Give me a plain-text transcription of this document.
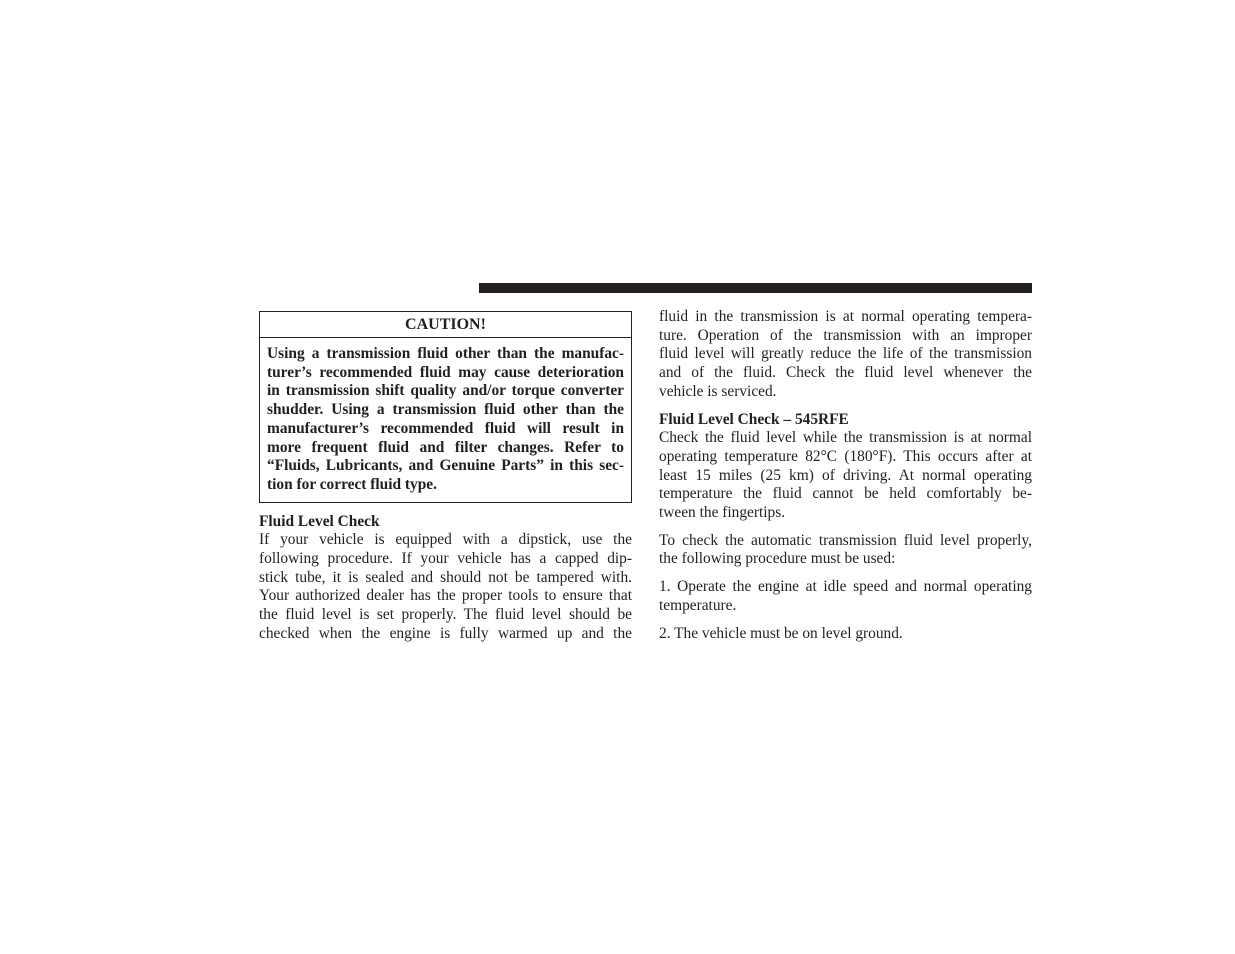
CAUTION!

Using a transmission fluid other than the manufac-

turer’s recommended fluid may cause deterioration

in transmission shift quality and/or torque converter

shudder. Using a transmission fluid other than the

manufacturer’s recommended fluid will result in

more frequent fluid and filter changes. Refer to

“Fluids, Lubricants, and Genuine Parts” in this sec-

tion for correct fluid type.

Fluid Level Check

If your vehicle is equipped with a dipstick, use the

following procedure. If your vehicle has a capped dip-

stick tube, it is sealed and should not be tampered with.

Your authorized dealer has the proper tools to ensure that

the fluid level is set properly. The fluid level should be

checked when the engine is fully warmed up and the

fluid in the transmission is at normal operating tempera-

ture. Operation of the transmission with an improper

fluid level will greatly reduce the life of the transmission

and of the fluid. Check the fluid level whenever the

vehicle is serviced.

Fluid Level Check – 545RFE

Check the fluid level while the transmission is at normal

operating temperature 82°C (180°F). This occurs after at

least 15 miles (25 km) of driving. At normal operating

temperature the fluid cannot be held comfortably be-

tween the fingertips.

To check the automatic transmission fluid level properly,

the following procedure must be used:

1. Operate the engine at idle speed and normal operating

temperature.

2. The vehicle must be on level ground.
